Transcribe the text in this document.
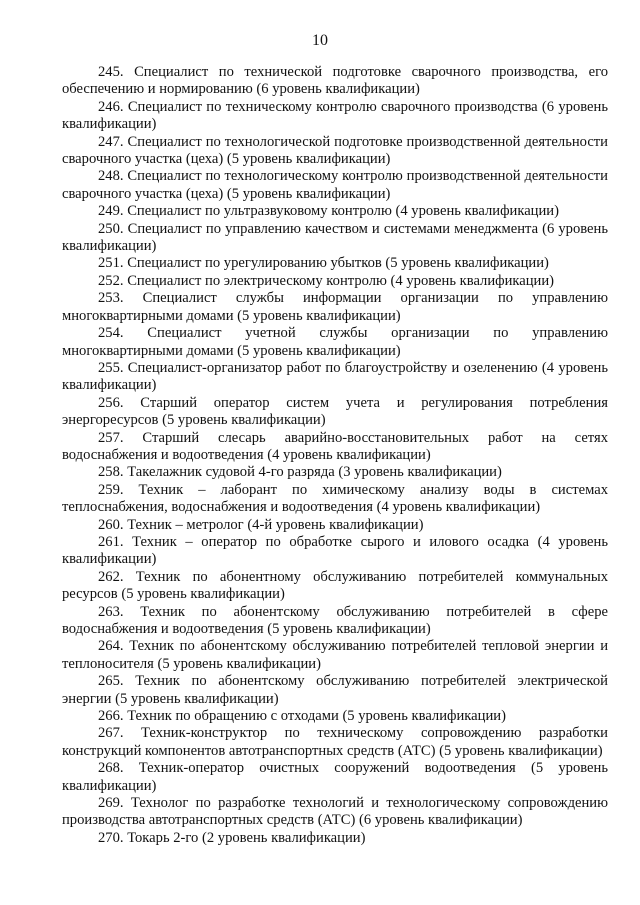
10

245. Специалист по технической подготовке сварочного производства, его обеспечению и нормированию (6 уровень квалификации)

246. Специалист по техническому контролю сварочного производства (6 уровень квалификации)

247. Специалист по технологической подготовке производственной деятельности сварочного участка (цеха) (5 уровень квалификации)

248. Специалист по технологическому контролю производственной деятельности сварочного участка (цеха) (5 уровень квалификации)

249. Специалист по ультразвуковому контролю (4 уровень квалификации)

250. Специалист по управлению качеством и системами менеджмента (6 уровень квалификации)

251. Специалист по урегулированию убытков (5 уровень квалификации)

252. Специалист по электрическому контролю (4 уровень квалификации)

253. Специалист службы информации организации по управлению многоквартирными домами (5 уровень квалификации)

254. Специалист учетной службы организации по управлению многоквартирными домами (5 уровень квалификации)

255. Специалист-организатор работ по благоустройству и озеленению (4 уровень квалификации)

256. Старший оператор систем учета и регулирования потребления энергоресурсов (5 уровень квалификации)

257. Старший слесарь аварийно-восстановительных работ на сетях водоснабжения и водоотведения (4 уровень квалификации)

258. Такелажник судовой 4-го разряда (3 уровень квалификации)

259. Техник – лаборант по химическому анализу воды в системах теплоснабжения, водоснабжения и водоотведения (4 уровень квалификации)

260. Техник – метролог (4-й уровень квалификации)

261. Техник – оператор по обработке сырого и илового осадка (4 уровень квалификации)

262. Техник по абонентному обслуживанию потребителей коммунальных ресурсов (5 уровень квалификации)

263. Техник по абонентскому обслуживанию потребителей в сфере водоснабжения и водоотведения (5 уровень квалификации)

264. Техник по абонентскому обслуживанию потребителей тепловой энергии и теплоносителя (5 уровень квалификации)

265. Техник по абонентскому обслуживанию потребителей электрической энергии (5 уровень квалификации)

266. Техник по обращению с отходами (5 уровень квалификации)

267. Техник-конструктор по техническому сопровождению разработки конструкций компонентов автотранспортных средств (АТС) (5 уровень квалификации)

268. Техник-оператор очистных сооружений водоотведения (5 уровень квалификации)

269. Технолог по разработке технологий и технологическому сопровождению производства автотранспортных средств (АТС) (6 уровень квалификации)

270. Токарь 2-го (2 уровень квалификации)
